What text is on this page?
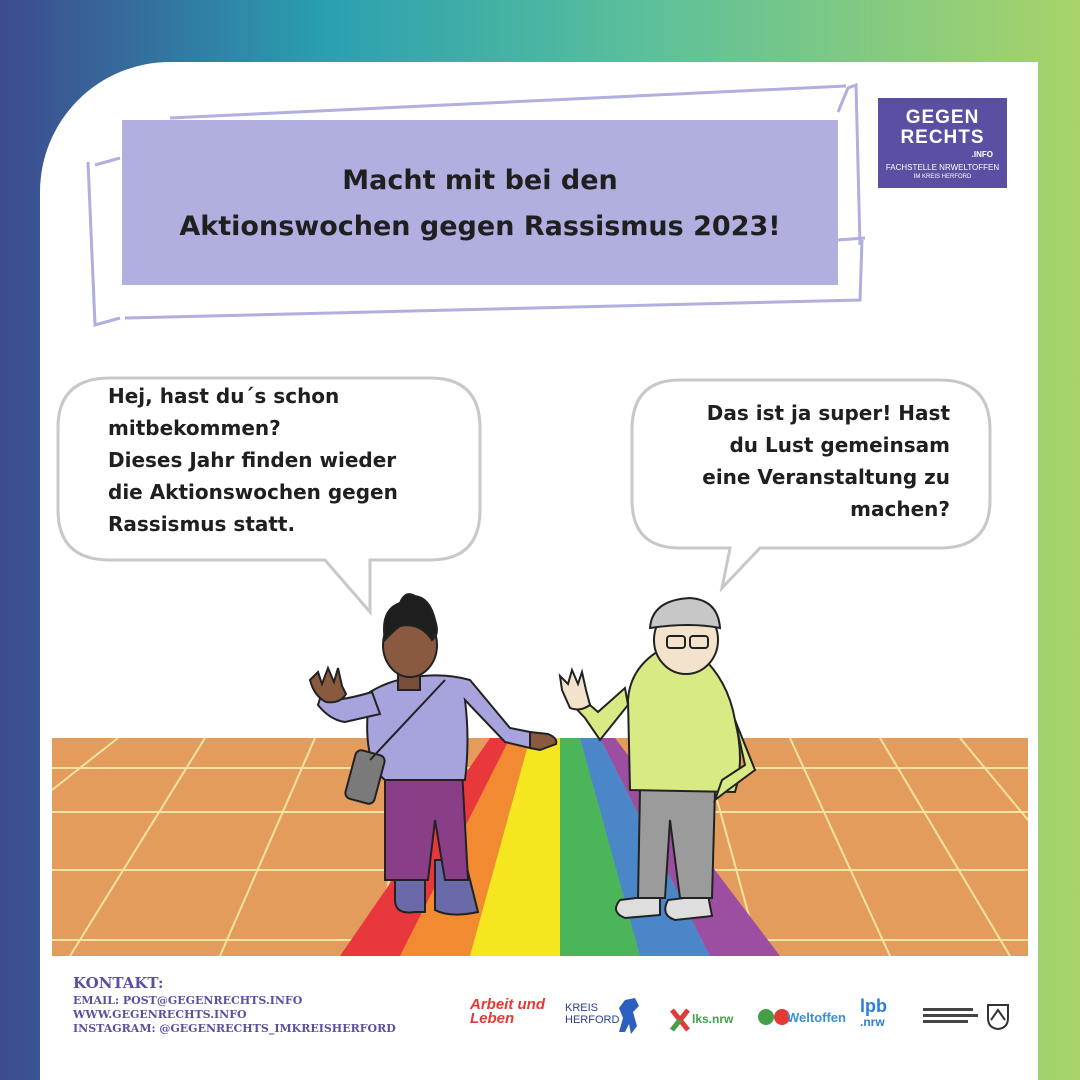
Macht mit bei den
Aktionswochen gegen Rassismus 2023!
GEGEN
RECHTS
.INFO
FACHSTELLE NRWELTOFFEN
IM KREIS HERFORD
Hej, hast du´s schon
mitbekommen?
Dieses Jahr finden wieder
die Aktionswochen gegen
Rassismus statt.
Das ist ja super! Hast
du Lust gemeinsam
eine Veranstaltung zu
machen?
KONTAKT:
EMAIL: POST@GEGENRECHTS.INFO
WWW.GEGENRECHTS.INFO
INSTAGRAM: @GEGENRECHTS_IMKREISHERFORD
Arbeit und
Leben
KREIS
HERFORD	lks.nrw	Weltoffen
lpb
.nrw
